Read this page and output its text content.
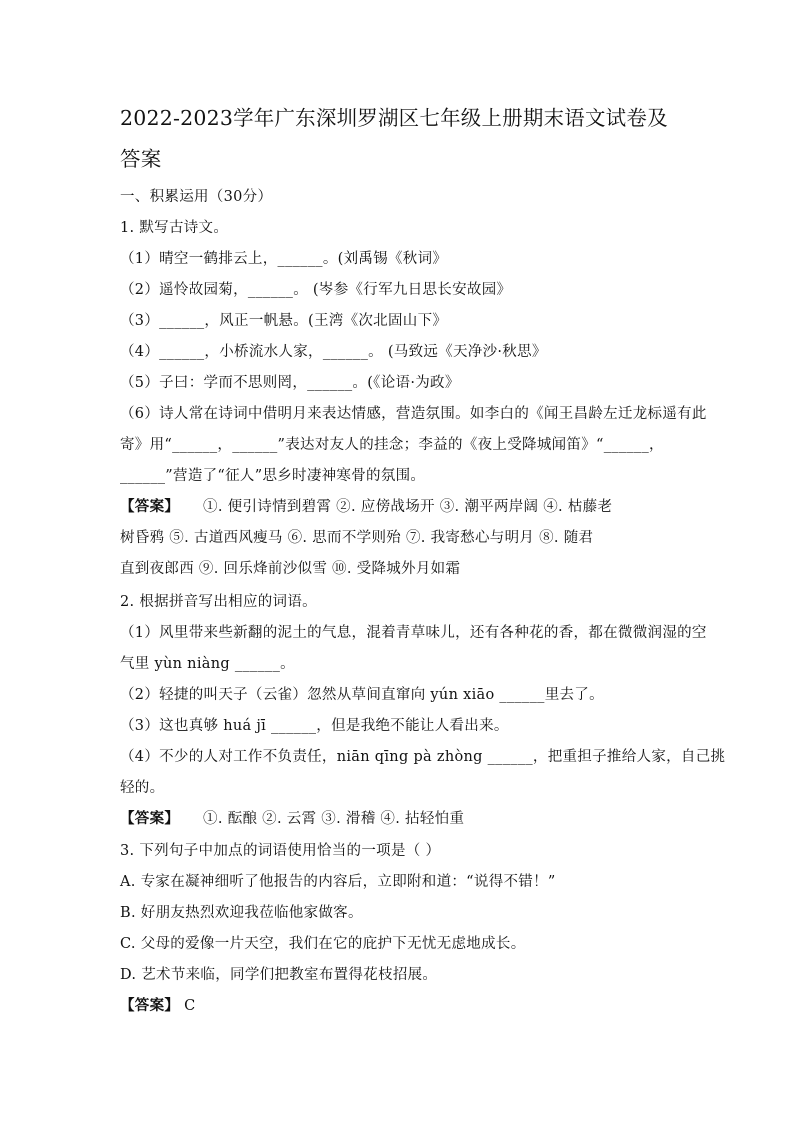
2022-2023学年广东深圳罗湖区七年级上册期末语文试卷及
答案
一、积累运用（30分）
1. 默写古诗文。
（1）晴空一鹤排云上，______。(刘禹锡《秋词》
（2）遥怜故园菊，______。 (岑参《行军九日思长安故园》
（3）______，风正一帆悬。(王湾《次北固山下》
（4）______，小桥流水人家，______。 (马致远《天净沙·秋思》
（5）子曰：学而不思则罔，______。(《论语·为政》
（6）诗人常在诗词中借明月来表达情感，营造氛围。如李白的《闻王昌龄左迁龙标遥有此
寄》用“______，______”表达对友人的挂念；李益的《夜上受降城闻笛》“______，
______”营造了“征人”思乡时凄神寒骨的氛围。
【答案】 ①. 便引诗情到碧霄 ②. 应傍战场开 ③. 潮平两岸阔 ④. 枯藤老
树昏鸦 ⑤. 古道西风瘦马 ⑥. 思而不学则殆 ⑦. 我寄愁心与明月 ⑧. 随君
直到夜郎西 ⑨. 回乐烽前沙似雪 ⑩. 受降城外月如霜
2. 根据拼音写出相应的词语。
（1）风里带来些新翻的泥土的气息，混着青草味儿，还有各种花的香，都在微微润湿的空
气里 yùn niàng ______。
（2）轻捷的叫天子（云雀）忽然从草间直窜向 yún xiāo ______里去了。
（3）这也真够 huá jī ______，但是我绝不能让人看出来。
（4）不少的人对工作不负责任，niān qīng pà zhòng ______，把重担子推给人家，自己挑
轻的。
【答案】 ①. 酝酿 ②. 云霄 ③. 滑稽 ④. 拈轻怕重
3. 下列句子中加点的词语使用恰当的一项是（ ）
A. 专家在凝神细听了他报告的内容后，立即附和道：“说得不错！”
B. 好朋友热烈欢迎我莅临他家做客。
C. 父母的爱像一片天空，我们在它的庇护下无忧无虑地成长。
D. 艺术节来临，同学们把教室布置得花枝招展。
【答案】 C
